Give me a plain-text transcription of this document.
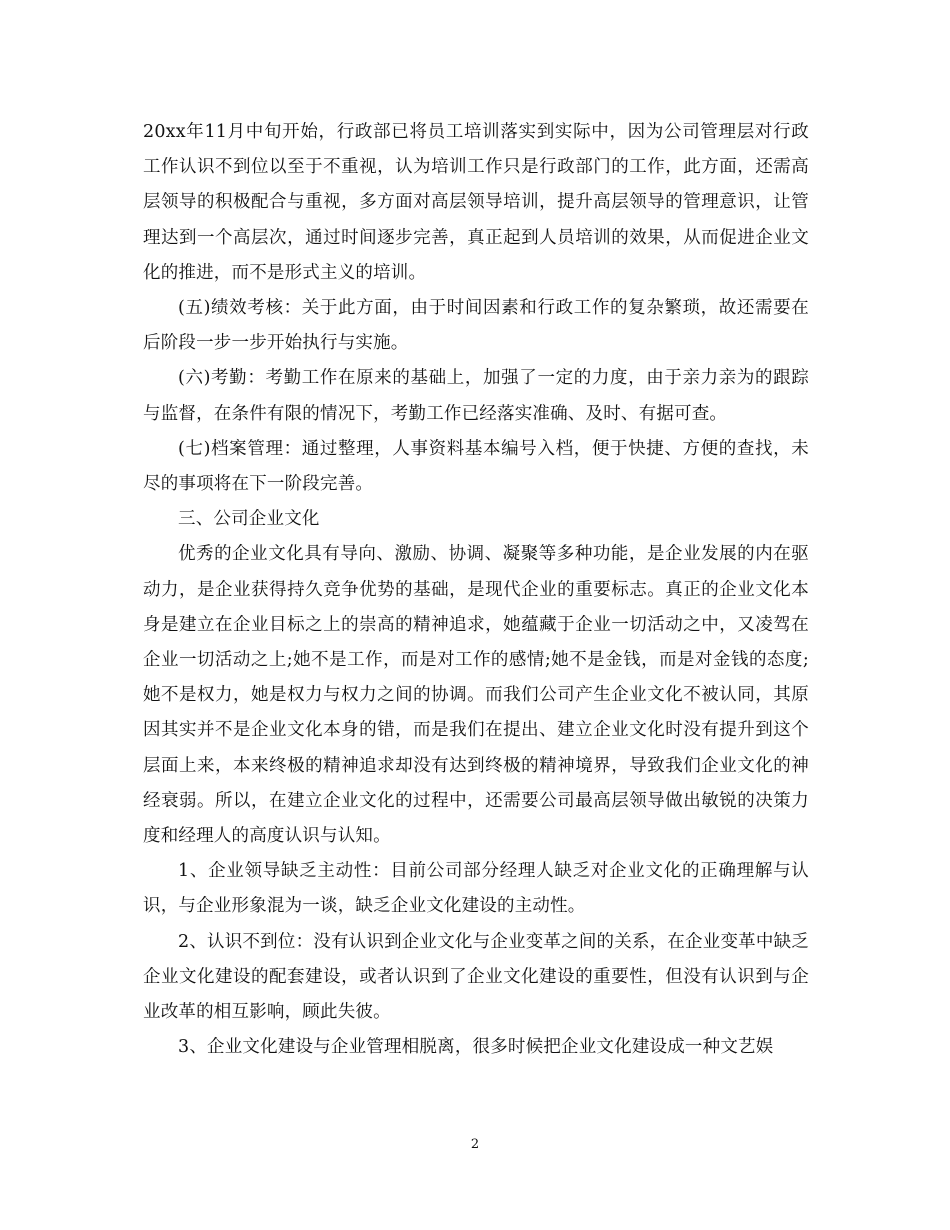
20xx年11月中旬开始，行政部已将员工培训落实到实际中，因为公司管理层对行政工作认识不到位以至于不重视，认为培训工作只是行政部门的工作，此方面，还需高层领导的积极配合与重视，多方面对高层领导培训，提升高层领导的管理意识，让管理达到一个高层次，通过时间逐步完善，真正起到人员培训的效果，从而促进企业文化的推进，而不是形式主义的培训。

(五)绩效考核：关于此方面，由于时间因素和行政工作的复杂繁琐，故还需要在后阶段一步一步开始执行与实施。

(六)考勤：考勤工作在原来的基础上，加强了一定的力度，由于亲力亲为的跟踪与监督，在条件有限的情况下，考勤工作已经落实准确、及时、有据可查。

(七)档案管理：通过整理，人事资料基本编号入档，便于快捷、方便的查找，未尽的事项将在下一阶段完善。

三、公司企业文化

优秀的企业文化具有导向、激励、协调、凝聚等多种功能，是企业发展的内在驱动力，是企业获得持久竞争优势的基础，是现代企业的重要标志。真正的企业文化本身是建立在企业目标之上的崇高的精神追求，她蕴藏于企业一切活动之中，又凌驾在企业一切活动之上;她不是工作，而是对工作的感情;她不是金钱，而是对金钱的态度;她不是权力，她是权力与权力之间的协调。而我们公司产生企业文化不被认同，其原因其实并不是企业文化本身的错，而是我们在提出、建立企业文化时没有提升到这个层面上来，本来终极的精神追求却没有达到终极的精神境界，导致我们企业文化的神经衰弱。所以，在建立企业文化的过程中，还需要公司最高层领导做出敏锐的决策力度和经理人的高度认识与认知。

1、企业领导缺乏主动性：目前公司部分经理人缺乏对企业文化的正确理解与认识，与企业形象混为一谈，缺乏企业文化建设的主动性。

2、认识不到位：没有认识到企业文化与企业变革之间的关系，在企业变革中缺乏企业文化建设的配套建设，或者认识到了企业文化建设的重要性，但没有认识到与企业改革的相互影响，顾此失彼。

3、企业文化建设与企业管理相脱离，很多时候把企业文化建设成一种文艺娱

2
